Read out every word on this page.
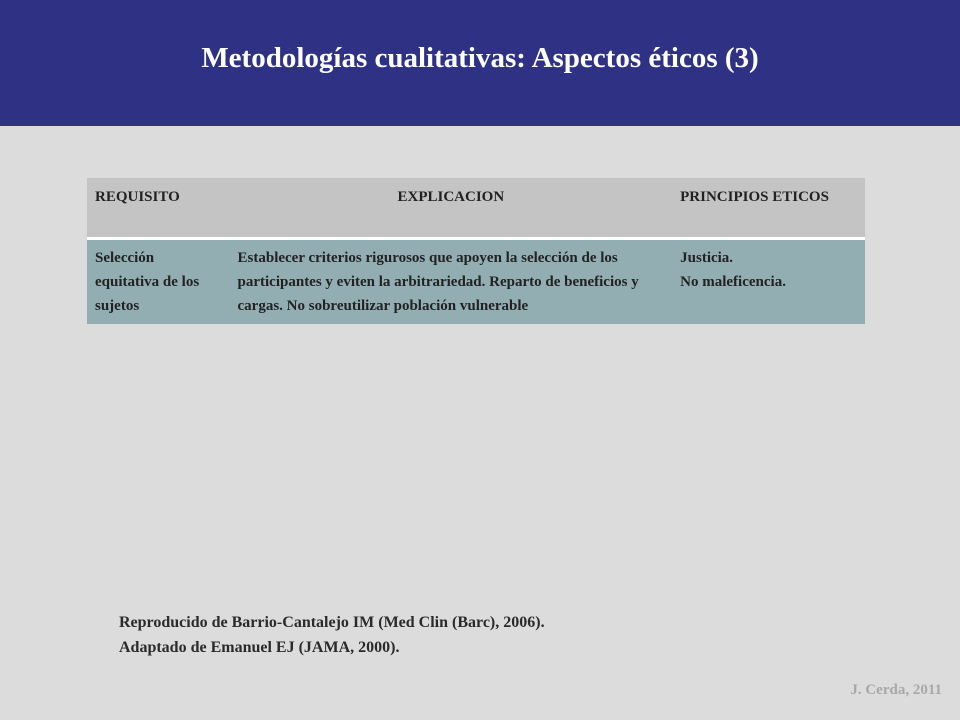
Metodologías cualitativas: Aspectos éticos (3)
REQUISITO	EXPLICACION	PRINCIPIOS ETICOS
Selección equitativa de los sujetos	Establecer criterios rigurosos que apoyen la selección de los participantes y eviten la arbitrariedad. Reparto de beneficios y cargas. No sobreutilizar población vulnerable	Justicia.
No maleficencia.
Reproducido de Barrio-Cantalejo IM (Med Clin (Barc), 2006).
Adaptado de Emanuel EJ (JAMA, 2000).
J. Cerda, 2011
